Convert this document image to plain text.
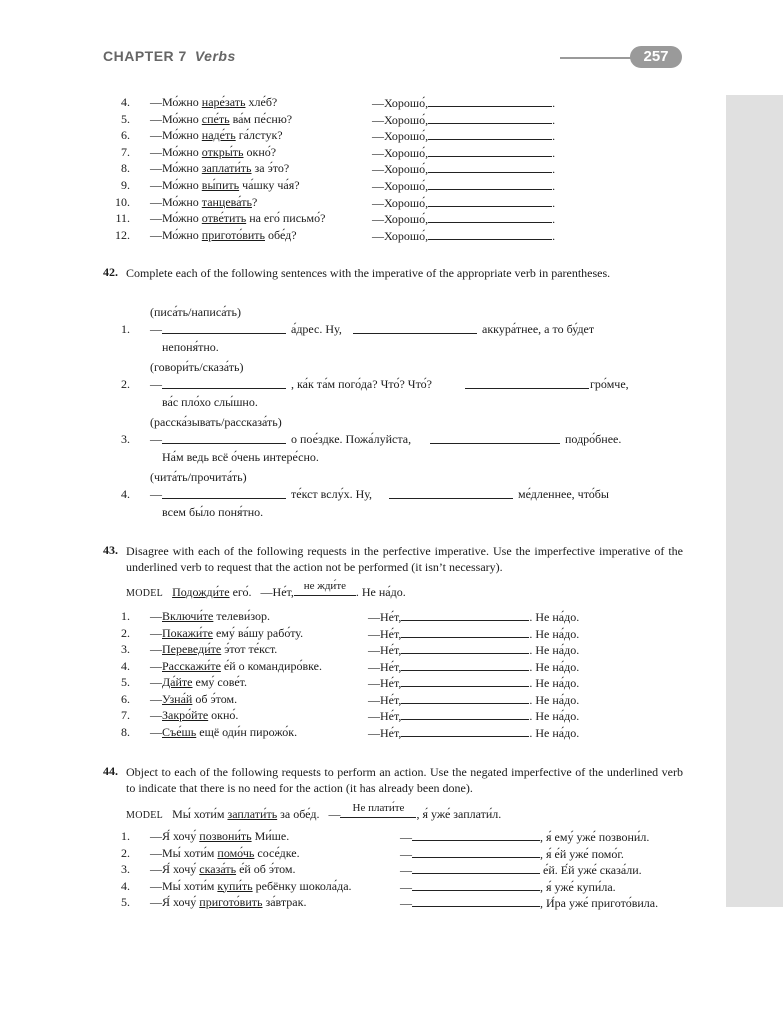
CHAPTER 7 Verbs	257
4. —Мо́жно наре́зать хле́б?	—Хорошо́,	.
5. —Мо́жно спе́ть ва́м пе́сню?	—Хорошо́,	.
6. —Мо́жно наде́ть га́лстук?	—Хорошо́,	.
7. —Мо́жно откры́ть окно́?	—Хорошо́,	.
8. —Мо́жно заплати́ть за э́то?	—Хорошо́,	.
9. —Мо́жно вы́пить ча́шку ча́я?	—Хорошо́,	.
10. —Мо́жно танцева́ть?	—Хорошо́,	.
11. —Мо́жно отве́тить на его́ письмо́?	—Хорошо́,	.
12. —Мо́жно пригото́вить обе́д?	—Хорошо́,	.
42. Complete each of the following sentences with the imperative of the appropriate verb in parentheses.
(писа́ть/написа́ть)
1. —	а́дрес. Ну,	аккура́тнее, а то бу́дет
непоня́тно.
(говори́ть/сказа́ть)
2. —	, ка́к та́м пого́да? Что́? Что́?	гро́мче,
ва́с пло́хо слы́шно.
(расска́зывать/рассказа́ть)
3. —	о пое́здке. Пожа́луйста,	подро́бнее.
На́м ведь всё о́чень интере́сно.
(чита́ть/прочита́ть)
4. —	те́кст вслу́х. Ну,	ме́дленнее, что́бы
всем бы́ло поня́тно.
43. Disagree with each of the following requests in the perfective imperative. Use the imperfective imperative of the underlined verb to request that the action not be performed (it isn’t necessary).
MODEL Подожди́те его́. —Не́т, не жди́те . Не на́до.
1. —Включи́те телеви́зор.	—Не́т,	. Не на́до.
2. —Покажи́те ему́ ва́шу рабо́ту.	—Не́т,	. Не на́до.
3. —Переведи́те э́тот те́кст.	—Не́т,	. Не на́до.
4. —Расскажи́те е́й о командиро́вке.	—Не́т,	. Не на́до.
5. —Да́йте ему́ сове́т.	—Не́т,	. Не на́до.
6. —Узна́й об э́том.	—Не́т,	. Не на́до.
7. —Закро́йте окно́.	—Не́т,	. Не на́до.
8. —Съе́шь ещё оди́н пирожо́к.	—Не́т,	. Не на́до.
44. Object to each of the following requests to perform an action. Use the negated imperfective of the underlined verb to indicate that there is no need for the action (it has already been done).
MODEL Мы́ хоти́м заплати́ть за обе́д. —	Не плати́те	, я́ уже́ заплати́л.
1. —Я́ хочу́ позвони́ть Ми́ше.	—	, я́ ему́ уже́ позвони́л.
2. —Мы́ хоти́м помо́чь сосе́дке.	—	, я́ е́й уже́ помо́г.
3. —Я́ хочу́ сказа́ть е́й об э́том.	—	е́й. Е́й уже́ сказа́ли.
4. —Мы́ хоти́м купи́ть ребёнку шокола́да.	—	, я́ уже́ купи́ла.
5. —Я́ хочу́ пригото́вить за́втрак.	—	, И́ра уже́ пригото́вила.
